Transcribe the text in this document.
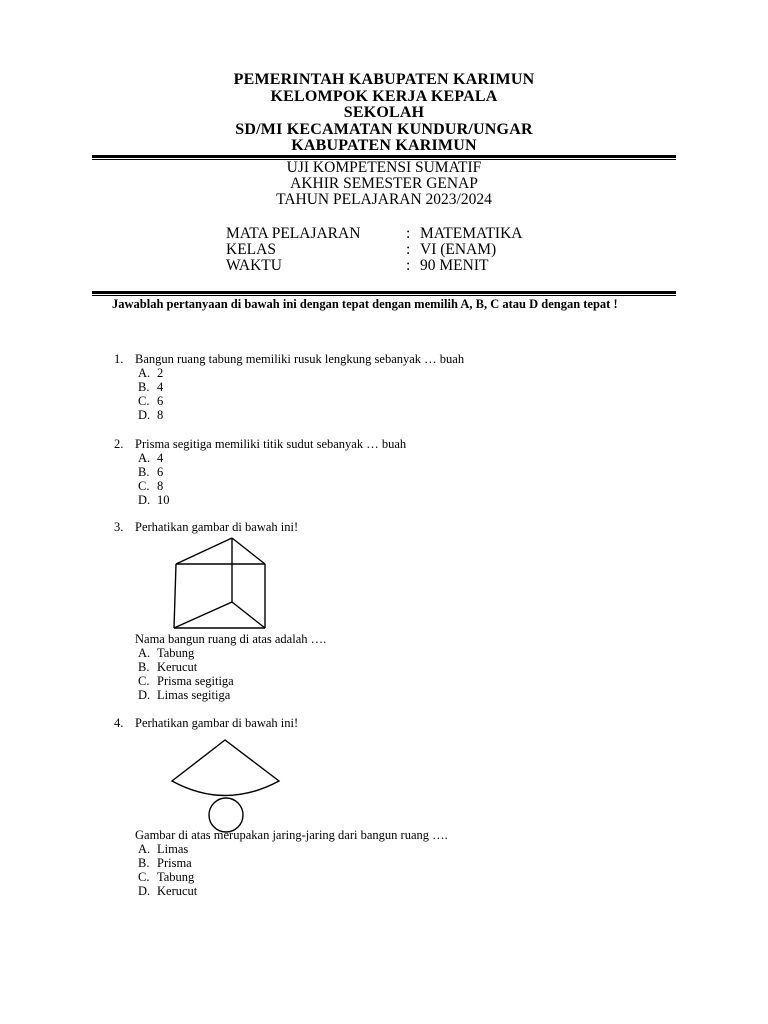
PEMERINTAH KABUPATEN KARIMUN
KELOMPOK KERJA KEPALA
SEKOLAH
SD/MI KECAMATAN KUNDUR/UNGAR
KABUPATEN KARIMUN
UJI KOMPETENSI SUMATIF
AKHIR SEMESTER GENAP
TAHUN PELAJARAN 2023/2024
MATA PELAJARAN	: MATEMATIKA
KELAS	: VI (ENAM)
WAKTU	: 90 MENIT
Jawablah pertanyaan di bawah ini dengan tepat dengan memilih A, B, C atau D dengan tepat !
1. Bangun ruang tabung memiliki rusuk lengkung sebanyak … buah
A. 2
B. 4
C. 6
D. 8
2. Prisma segitiga memiliki titik sudut sebanyak … buah
A. 4
B. 6
C. 8
D. 10
3. Perhatikan gambar di bawah ini!
Nama bangun ruang di atas adalah ….
A. Tabung
B. Kerucut
C. Prisma segitiga
D. Limas segitiga
4. Perhatikan gambar di bawah ini!
Gambar di atas merupakan jaring-jaring dari bangun ruang ….
A. Limas
B. Prisma
C. Tabung
D. Kerucut
